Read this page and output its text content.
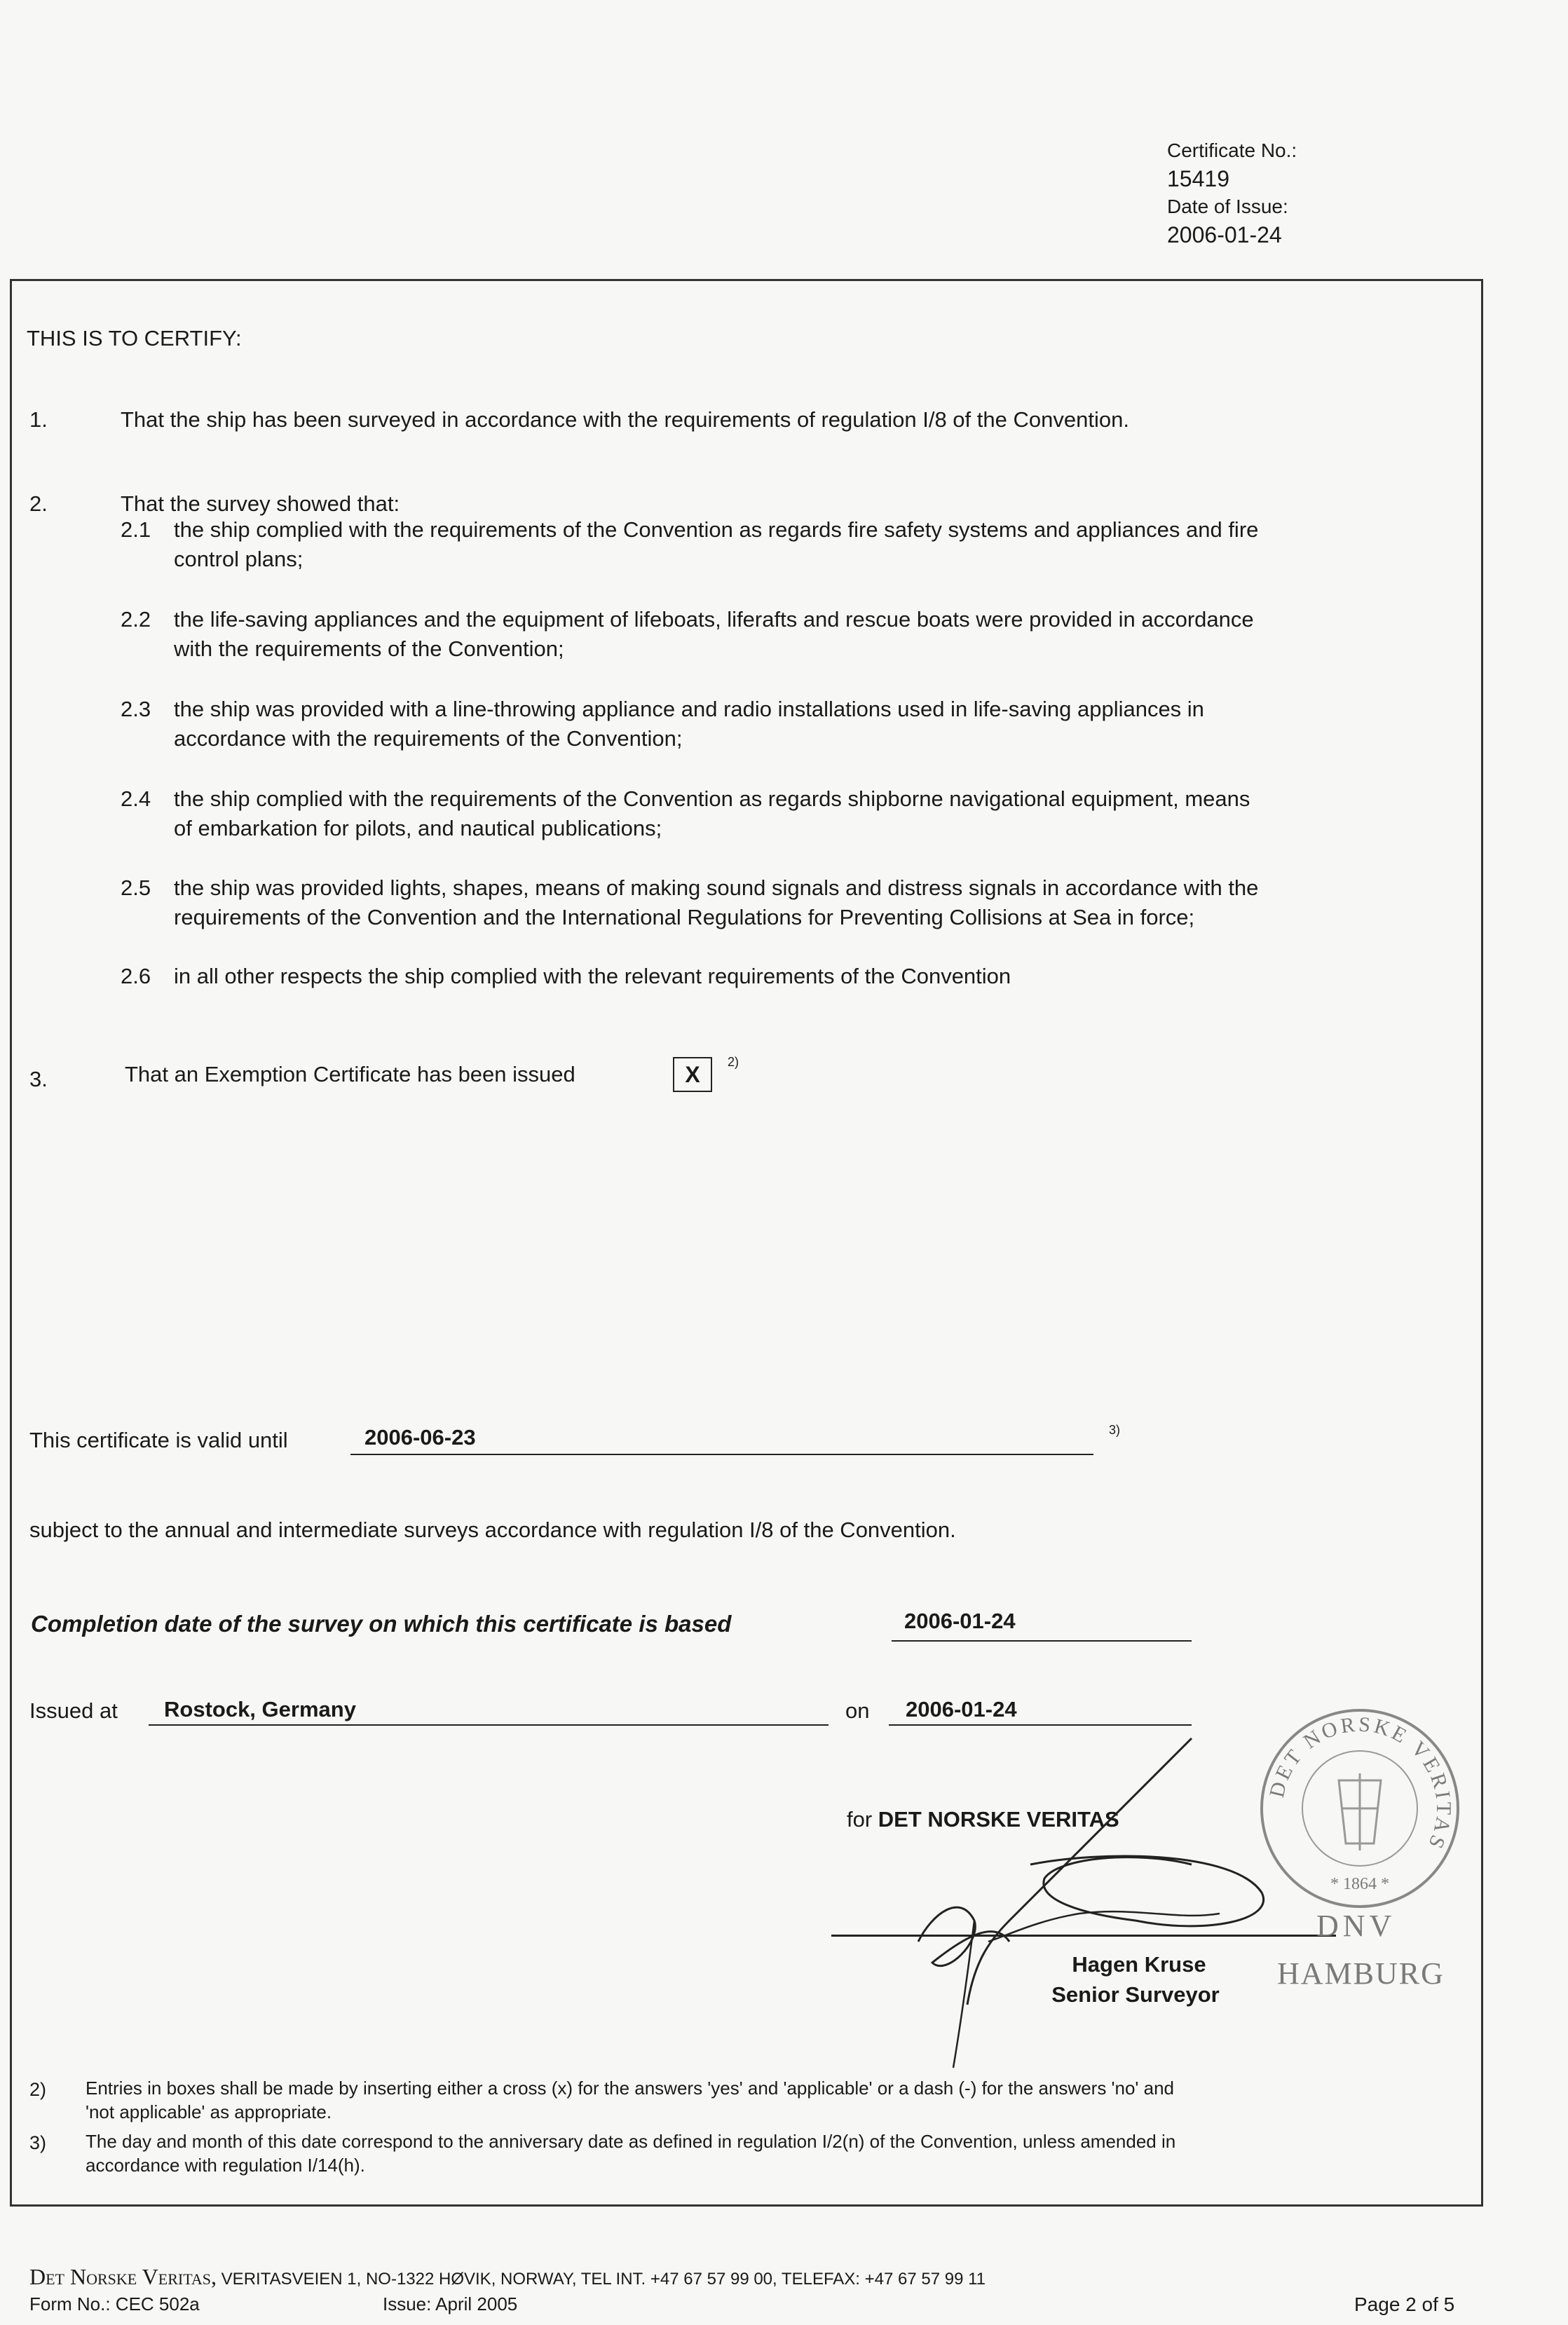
Certificate No.:
15419
Date of Issue:
2006-01-24
THIS IS TO CERTIFY:
1.	That the ship has been surveyed in accordance with the requirements of regulation I/8 of the Convention.
2.	That the survey showed that:
2.1 the ship complied with the requirements of the Convention as regards fire safety systems and appliances and fire
control plans;
2.2 the life-saving appliances and the equipment of lifeboats, liferafts and rescue boats were provided in accordance
with the requirements of the Convention;
2.3 the ship was provided with a line-throwing appliance and radio installations used in life-saving appliances in
accordance with the requirements of the Convention;
2.4 the ship complied with the requirements of the Convention as regards shipborne navigational equipment, means
of embarkation for pilots, and nautical publications;
2.5 the ship was provided lights, shapes, means of making sound signals and distress signals in accordance with the
requirements of the Convention and the International Regulations for Preventing Collisions at Sea in force;
2.6 in all other respects the ship complied with the relevant requirements of the Convention
3.	That an Exemption Certificate has been issued	X	2)
This certificate is valid until	2006-06-23	3)
subject to the annual and intermediate surveys accordance with regulation I/8 of the Convention.
Completion date of the survey on which this certificate is based	2006-01-24
Issued at Rostock, Germany	on 2006-01-24
for DET NORSKE VERITAS
Hagen Kruse
Senior Surveyor
DET NORSKE VERITAS
* 1864 *
DNV
HAMBURG
2) Entries in boxes shall be made by inserting either a cross (x) for the answers 'yes' and 'applicable' or a dash (-) for the answers 'no' and
'not applicable' as appropriate.
3) The day and month of this date correspond to the anniversary date as defined in regulation I/2(n) of the Convention, unless amended in
accordance with regulation I/14(h).
Det Norske Veritas, VERITASVEIEN 1, NO-1322 HØVIK, NORWAY, TEL INT. +47 67 57 99 00, TELEFAX: +47 67 57 99 11
Form No.: CEC 502a	Issue: April 2005	Page 2 of 5
